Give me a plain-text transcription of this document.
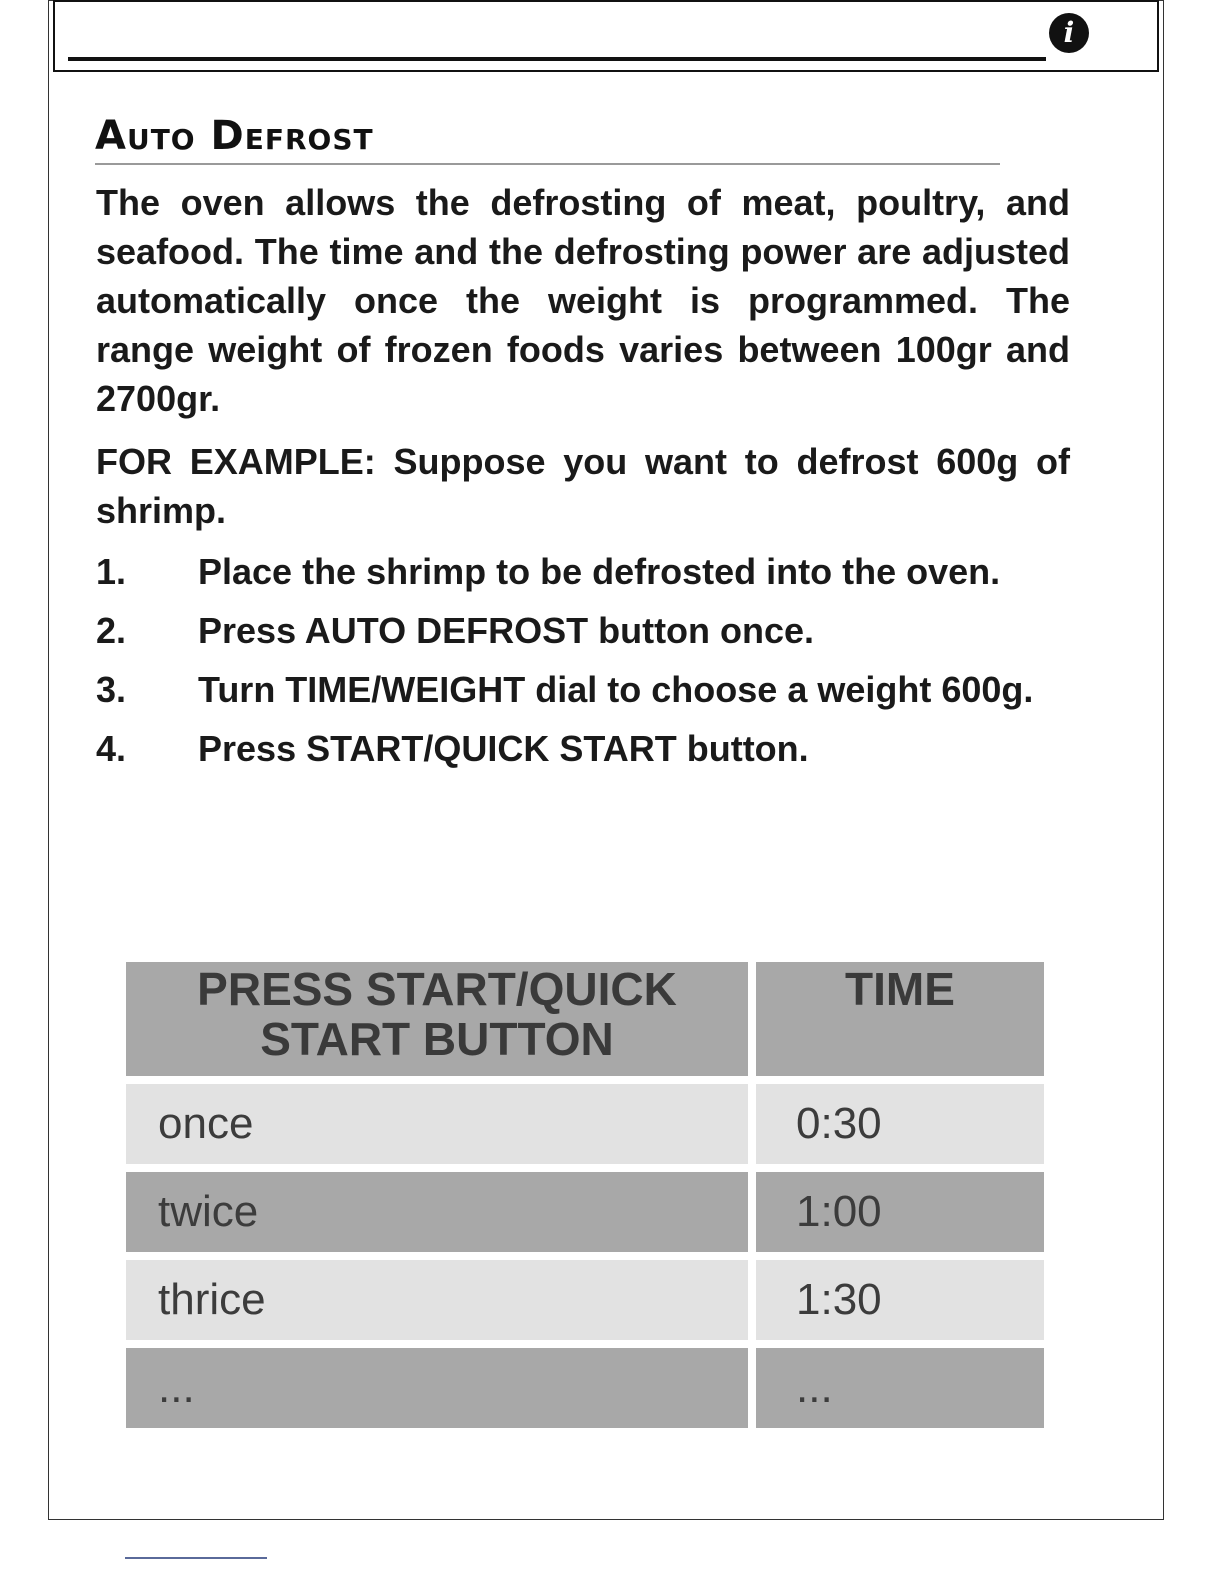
i
Auto Defrost

The oven allows the defrosting of meat, poultry, and seafood. The time and the defrosting power are adjusted automatically once the weight is programmed. The range weight of frozen foods varies between 100gr and 2700gr.

FOR EXAMPLE: Suppose you want to defrost 600g of shrimp.

1.	Place the shrimp to be defrosted into the oven.
2.	Press AUTO DEFROST button once.
3.	Turn TIME/WEIGHT dial to choose a weight 600g.
4.	Press START/QUICK START button.
PRESS START/QUICK START BUTTON	TIME
once	0:30
twice	1:00
thrice	1:30
...	...
